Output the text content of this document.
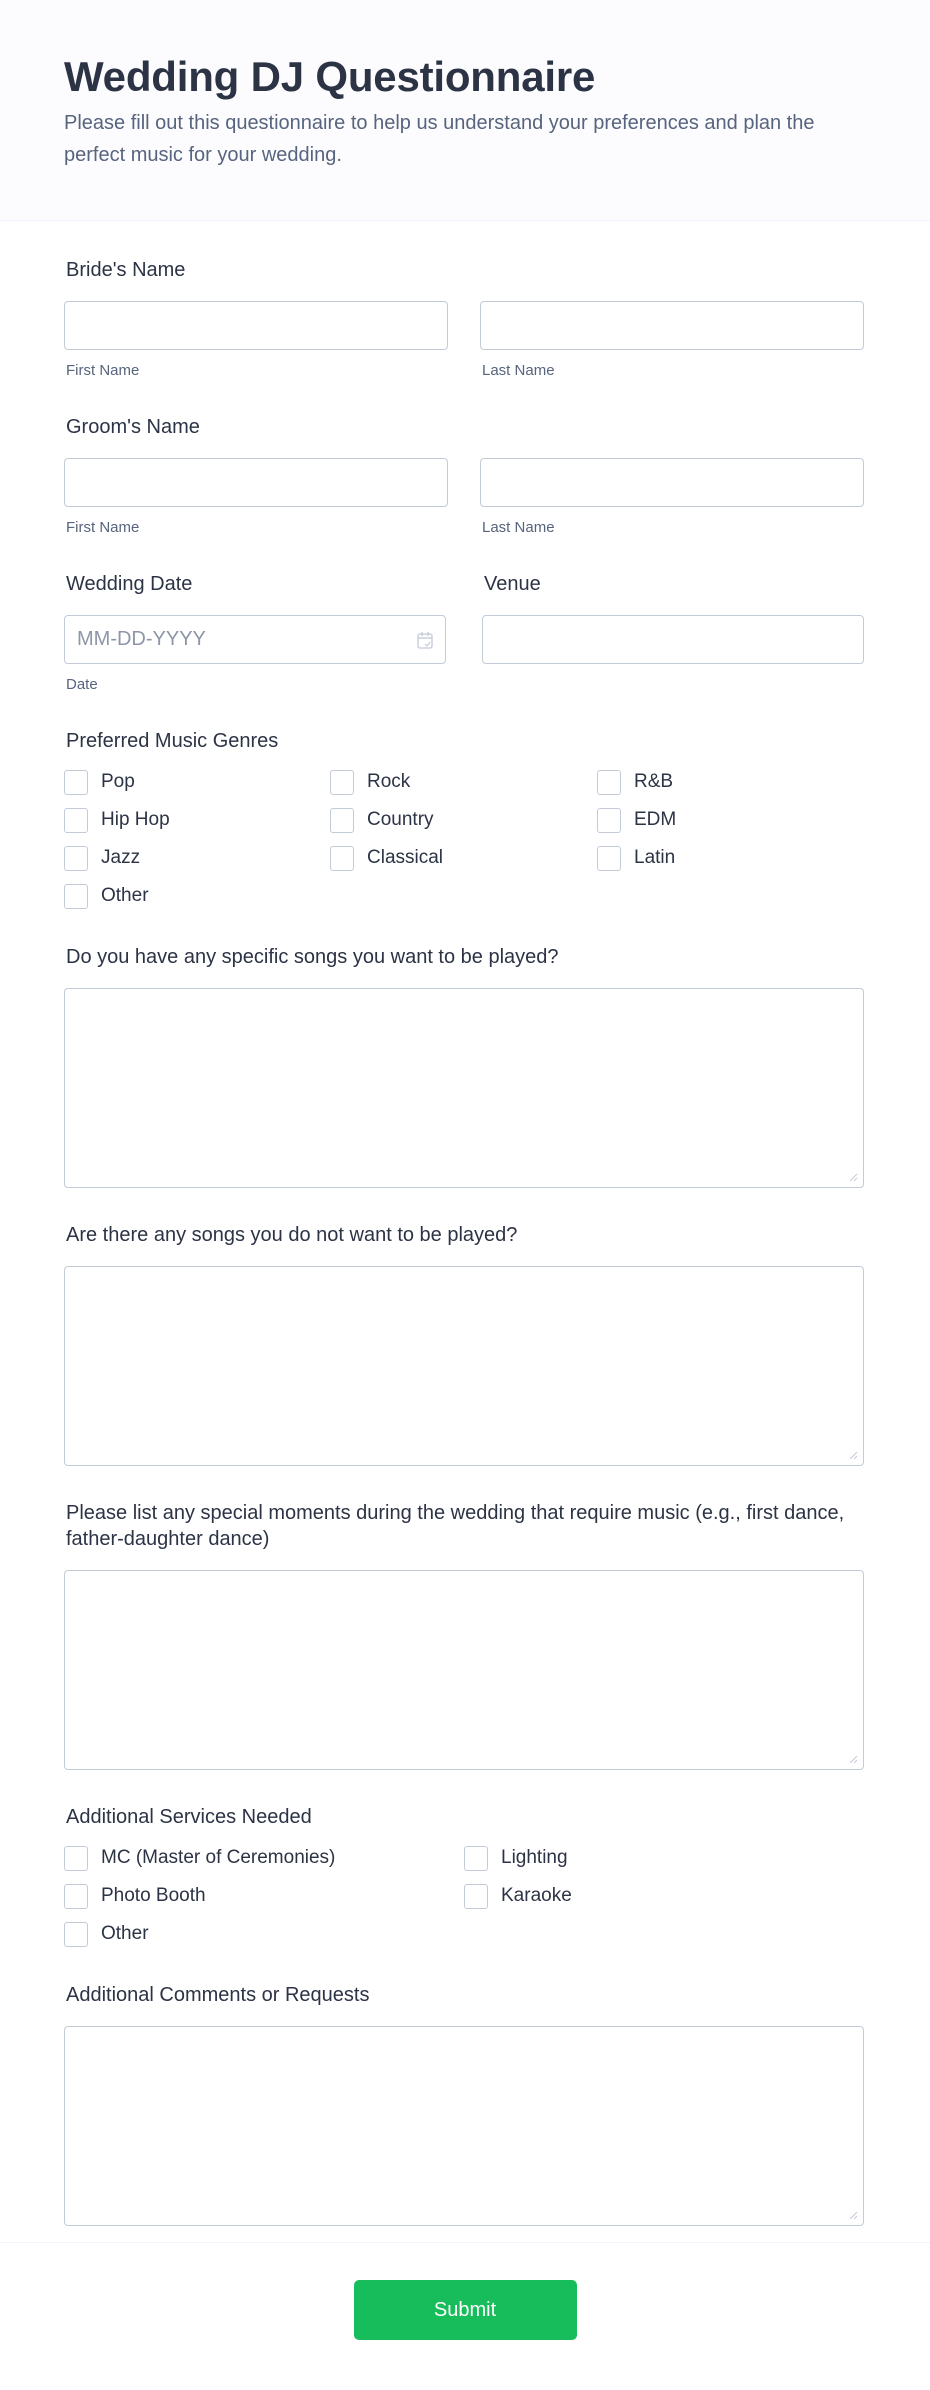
Wedding DJ Questionnaire

Please fill out this questionnaire to help us understand your preferences and plan the perfect music for your wedding.

Bride's Name
First Name	Last Name
Groom's Name
First Name	Last Name
Wedding Date
MM-DD-YYYY
Date
Venue
Preferred Music Genres
Pop	Rock	R&B
Hip Hop	Country	EDM
Jazz	Classical	Latin
Other
Do you have any specific songs you want to be played?
Are there any songs you do not want to be played?
Please list any special moments during the wedding that require music (e.g., first dance, father-daughter dance)
Additional Services Needed
MC (Master of Ceremonies)	Lighting
Photo Booth	Karaoke
Other
Additional Comments or Requests
Submit
